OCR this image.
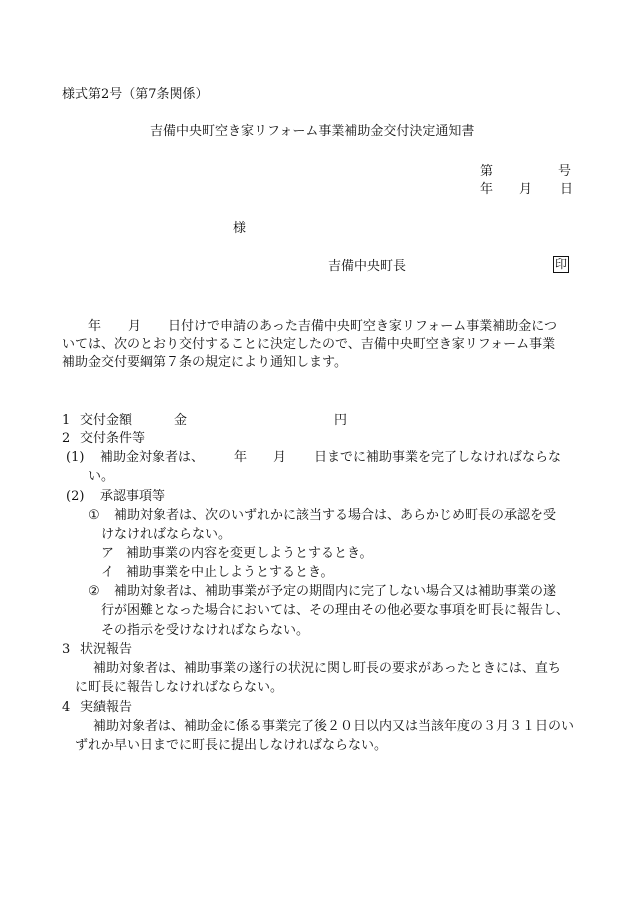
様式第2号（第7条関係）
吉備中央町空き家リフォーム事業補助金交付決定通知書
第	号
年 月 日
様
吉備中央町長	印
年 月 日付けで申請のあった吉備中央町空き家リフォーム事業補助金につ
いては、次のとおり交付することに決定したので、吉備中央町空き家リフォーム事業
補助金交付要綱第７条の規定により通知します。
1 交付金額	金	円
2 交付条件等
(1) 補助金対象者は、 年 月 日までに補助事業を完了しなければならな
い。
(2) 承認事項等
① 補助対象者は、次のいずれかに該当する場合は、あらかじめ町長の承認を受
けなければならない。
ア 補助事業の内容を変更しようとするとき。
イ 補助事業を中止しようとするとき。
② 補助対象者は、補助事業が予定の期間内に完了しない場合又は補助事業の遂
行が困難となった場合においては、その理由その他必要な事項を町長に報告し、
その指示を受けなければならない。
3 状況報告
補助対象者は、補助事業の遂行の状況に関し町長の要求があったときには、直ち
に町長に報告しなければならない。
4 実績報告
補助対象者は、補助金に係る事業完了後２０日以内又は当該年度の３月３１日のい
ずれか早い日までに町長に提出しなければならない。
